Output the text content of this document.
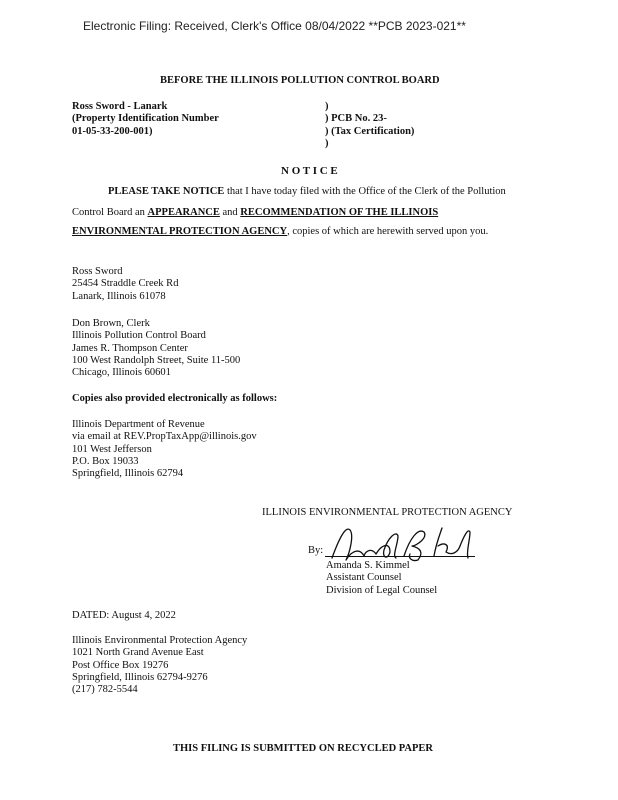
Electronic Filing: Received, Clerk's Office 08/04/2022 **PCB 2023-021**
BEFORE THE ILLINOIS POLLUTION CONTROL BOARD
Ross Sword - Lanark
(Property Identification Number
01-05-33-200-001)
)
) PCB No. 23-
) (Tax Certification)
)
N O T I C E
PLEASE TAKE NOTICE that I have today filed with the Office of the Clerk of the Pollution
Control Board an APPEARANCE and RECOMMENDATION OF THE ILLINOIS
ENVIRONMENTAL PROTECTION AGENCY, copies of which are herewith served upon you.
Ross Sword
25454 Straddle Creek Rd
Lanark, Illinois 61078
Don Brown, Clerk
Illinois Pollution Control Board
James R. Thompson Center
100 West Randolph Street, Suite 11-500
Chicago, Illinois 60601
Copies also provided electronically as follows:
Illinois Department of Revenue
via email at REV.PropTaxApp@illinois.gov
101 West Jefferson
P.O. Box 19033
Springfield, Illinois 62794
ILLINOIS ENVIRONMENTAL PROTECTION AGENCY
By:
Amanda S. Kimmel
Assistant Counsel
Division of Legal Counsel
DATED: August 4, 2022
Illinois Environmental Protection Agency
1021 North Grand Avenue East
Post Office Box 19276
Springfield, Illinois 62794-9276
(217) 782-5544
THIS FILING IS SUBMITTED ON RECYCLED PAPER
